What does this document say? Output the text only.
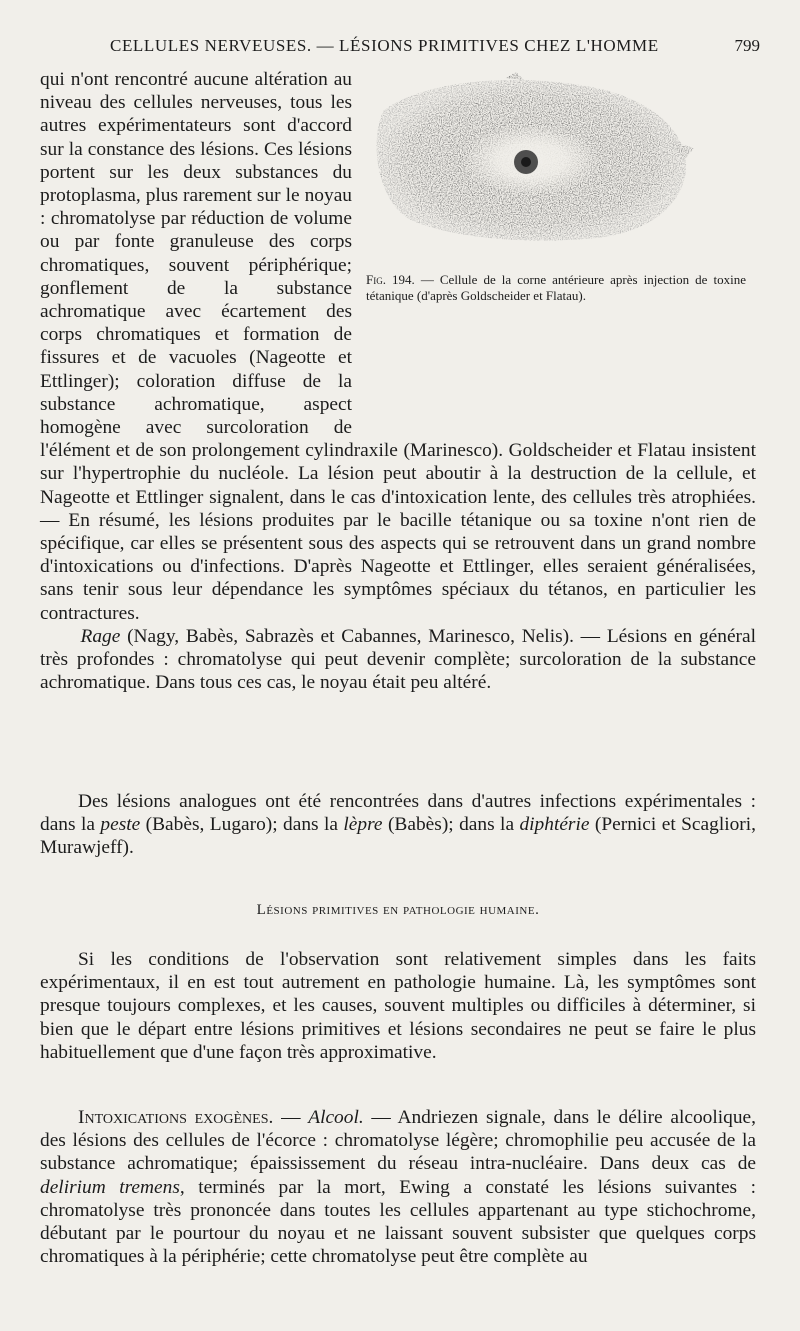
CELLULES NERVEUSES. — LÉSIONS PRIMITIVES CHEZ L'HOMME	799
Fig. 194. — Cellule de la corne antérieure après injection de toxine tétanique (d'après Goldscheider et Flatau).

qui n'ont rencontré aucune altération au niveau des cellules nerveuses, tous les autres expérimentateurs sont d'accord sur la constance des lésions. Ces lésions portent sur les deux substances du protoplasma, plus rarement sur le noyau : chromatolyse par réduction de volume ou par fonte granuleuse des corps chromatiques, souvent périphérique; gonflement de la substance achromatique avec écartement des corps chromatiques et formation de fissures et de vacuoles (Nageotte et Ettlinger); coloration diffuse de la substance achromatique, aspect homogène avec surcoloration de l'élément et de son prolongement cylindraxile (Marinesco). Goldscheider et Flatau insistent sur l'hypertrophie du nucléole. La lésion peut aboutir à la destruction de la cellule, et Nageotte et Ettlinger signalent, dans le cas d'intoxication lente, des cellules très atrophiées. — En résumé, les lésions produites par le bacille tétanique ou sa toxine n'ont rien de spécifique, car elles se présentent sous des aspects qui se retrouvent dans un grand nombre d'intoxications ou d'infections. D'après Nageotte et Ettlinger, elles seraient généralisées, sans tenir sous leur dépendance les symptômes spéciaux du tétanos, en particulier les contractures.
Rage (Nagy, Babès, Sabrazès et Cabannes, Marinesco, Nelis). — Lésions en général très profondes : chromatolyse qui peut devenir complète; surcoloration de la substance achromatique. Dans tous ces cas, le noyau était peu altéré.

Des lésions analogues ont été rencontrées dans d'autres infections expérimentales : dans la peste (Babès, Lugaro); dans la lèpre (Babès); dans la diphtérie (Pernici et Scagliori, Murawjeff).

Lésions primitives en pathologie humaine.

Si les conditions de l'observation sont relativement simples dans les faits expérimentaux, il en est tout autrement en pathologie humaine. Là, les symptômes sont presque toujours complexes, et les causes, souvent multiples ou difficiles à déterminer, si bien que le départ entre lésions primitives et lésions secondaires ne peut se faire le plus habituellement que d'une façon très approximative.

Intoxications exogènes. — Alcool. — Andriezen signale, dans le délire alcoolique, des lésions des cellules de l'écorce : chromatolyse légère; chromophilie peu accusée de la substance achromatique; épaississement du réseau intra-nucléaire. Dans deux cas de delirium tremens, terminés par la mort, Ewing a constaté les lésions suivantes : chromatolyse très prononcée dans toutes les cellules appartenant au type stichochrome, débutant par le pourtour du noyau et ne laissant souvent subsister que quelques corps chromatiques à la périphérie; cette chromatolyse peut être complète au
